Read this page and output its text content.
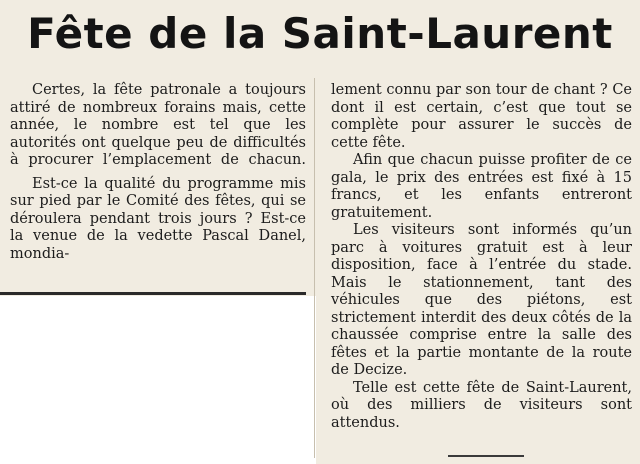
Fête de la Saint-Laurent

Certes, la fête patronale a toujours attiré de nombreux forains mais, cette année, le nombre est tel que les autorités ont quelque peu de difficultés à procurer l’emplacement de chacun.

Est-ce la qualité du programme mis sur pied par le Comité des fêtes, qui se déroulera pendant trois jours ? Est-ce la venue de la vedette Pascal Danel, mondia-

lement connu par son tour de chant ? Ce dont il est certain, c’est que tout se complète pour assurer le succès de cette fête.

Afin que chacun puisse profiter de ce gala, le prix des entrées est fixé à 15 francs, et les enfants entreront gratuitement.

Les visiteurs sont informés qu’un parc à voitures gratuit est à leur disposition, face à l’entrée du stade. Mais le stationnement, tant des véhicules que des piétons, est strictement interdit des deux côtés de la chaussée comprise entre la salle des fêtes et la partie montante de la route de Decize.

Telle est cette fête de Saint-Laurent, où des milliers de visiteurs sont attendus.
